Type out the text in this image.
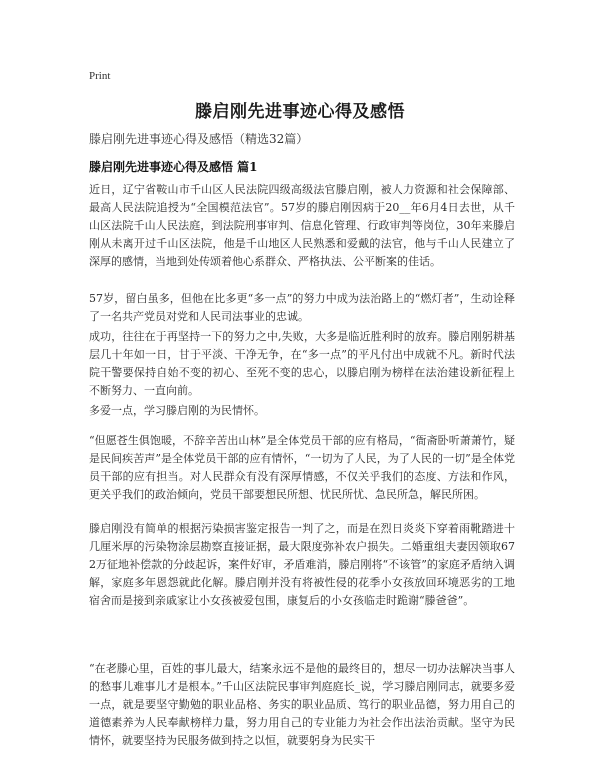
Print
滕启刚先进事迹心得及感悟
滕启刚先进事迹心得及感悟（精选32篇）
滕启刚先进事迹心得及感悟 篇1
近日，辽宁省鞍山市千山区人民法院四级高级法官滕启刚，被人力资源和社会保障部、最高人民法院追授为“全国模范法官”。57岁的滕启刚因病于20__年6月4日去世，从千山区法院千山人民法庭，到法院刑事审判、信息化管理、行政审判等岗位，30年来滕启刚从未离开过千山区法院，他是千山地区人民熟悉和爱戴的法官，他与千山人民建立了深厚的感情，当地到处传颂着他心系群众、严格执法、公平断案的佳话。
57岁，留白虽多，但他在比多更“多一点”的努力中成为法治路上的“燃灯者”，生动诠释了一名共产党员对党和人民司法事业的忠诚。
成功，往往在于再坚持一下的努力之中,失败，大多是临近胜利时的放弃。滕启刚躬耕基层几十年如一日，甘于平淡、干净无争，在“多一点”的平凡付出中成就不凡。新时代法院干警要保持自始不变的初心、至死不变的忠心，以滕启刚为榜样在法治建设新征程上不断努力、一直向前。
多爱一点，学习滕启刚的为民情怀。
“但愿苍生俱饱暖，不辞辛苦出山林”是全体党员干部的应有格局，“衙斋卧听萧萧竹，疑是民间疾苦声”是全体党员干部的应有情怀，“一切为了人民，为了人民的一切”是全体党员干部的应有担当。对人民群众有没有深厚情感，不仅关乎我们的态度、方法和作风，更关乎我们的政治倾向，党员干部要想民所想、忧民所忧、急民所急，解民所困。
滕启刚没有简单的根据污染损害鉴定报告一判了之，而是在烈日炎炎下穿着雨靴踏进十几厘米厚的污染物涂层勘察直接证据，最大限度弥补农户损失。二婚重组夫妻因领取672万征地补偿款的分歧起诉，案件好审，矛盾难消，滕启刚将“不该管”的家庭矛盾纳入调解，家庭多年恩怨就此化解。滕启刚并没有将被性侵的花季小女孩放回环境恶劣的工地宿舍而是接到亲戚家让小女孩被爱包围，康复后的小女孩临走时跪谢“滕爸爸”。
“在老滕心里，百姓的事儿最大，结案永远不是他的最终目的，想尽一切办法解决当事人的愁事儿难事儿才是根本。”千山区法院民事审判庭庭长_说，学习滕启刚同志，就要多爱一点，就是要坚守勤勉的职业品格、务实的职业品质、笃行的职业品德，努力用自己的道德素养为人民奉献榜样力量，努力用自己的专业能力为社会作出法治贡献。坚守为民情怀，就要坚持为民服务做到持之以恒，就要躬身为民实干
